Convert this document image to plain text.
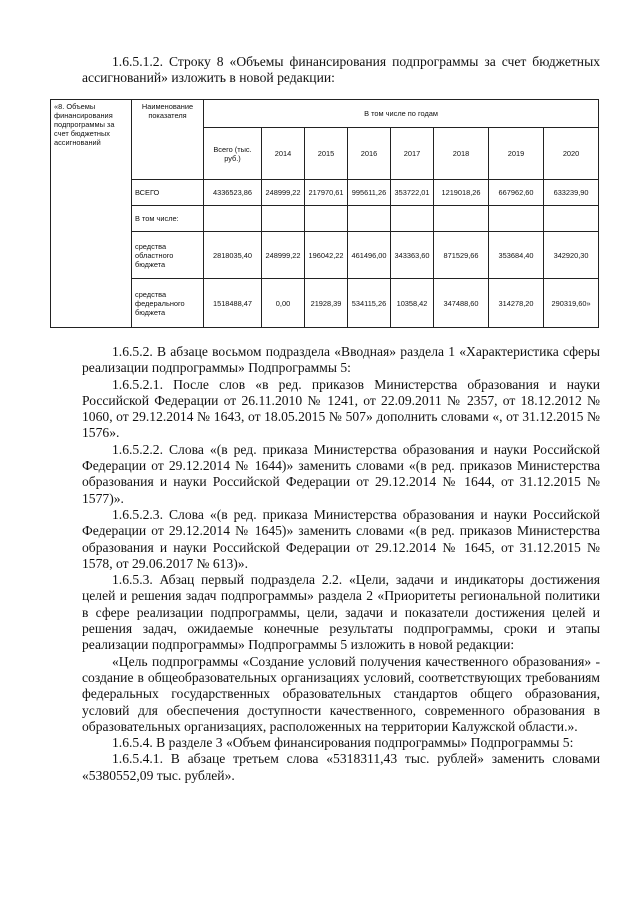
1.6.5.1.2. Строку 8 «Объемы финансирования подпрограммы за счет бюджетных ассигнований» изложить в новой редакции:
«8. Объемы финансирования подпрограммы за счет бюджетных ассигнований	Наименование показателя	В том числе по годам							
		Всего (тыс. руб.)	2014	2015	2016	2017	2018	2019	2020
	ВСЕГО	4336523,86	248999,22	217970,61	995611,26	353722,01	1219018,26	667962,60	633239,90
	В том числе:								
	средства областного бюджета	2818035,40	248999,22	196042,22	461496,00	343363,60	871529,66	353684,40	342920,30
	средства федерального бюджета	1518488,47	0,00	21928,39	534115,26	10358,42	347488,60	314278,20	290319,60»
1.6.5.2. В абзаце восьмом подраздела «Вводная» раздела 1 «Характеристика сферы реализации подпрограммы» Подпрограммы 5:
1.6.5.2.1. После слов «в ред. приказов Министерства образования и науки Российской Федерации от 26.11.2010 № 1241, от 22.09.2011 № 2357, от 18.12.2012 № 1060, от 29.12.2014 № 1643, от 18.05.2015 № 507» дополнить словами «, от 31.12.2015 № 1576».
1.6.5.2.2. Слова «(в ред. приказа Министерства образования и науки Российской Федерации от 29.12.2014 № 1644)» заменить словами «(в ред. приказов Министерства образования и науки Российской Федерации от 29.12.2014 № 1644, от 31.12.2015 № 1577)».
1.6.5.2.3. Слова «(в ред. приказа Министерства образования и науки Российской Федерации от 29.12.2014 № 1645)» заменить словами «(в ред. приказов Министерства образования и науки Российской Федерации от 29.12.2014 № 1645, от 31.12.2015 № 1578, от 29.06.2017 № 613)».
1.6.5.3. Абзац первый подраздела 2.2. «Цели, задачи и индикаторы достижения целей и решения задач подпрограммы» раздела 2 «Приоритеты региональной политики в сфере реализации подпрограммы, цели, задачи и показатели достижения целей и решения задач, ожидаемые конечные результаты подпрограммы, сроки и этапы реализации подпрограммы» Подпрограммы 5 изложить в новой редакции:
«Цель подпрограммы «Создание условий получения качественного образования» - создание в общеобразовательных организациях условий, соответствующих требованиям федеральных государственных образовательных стандартов общего образования, условий для обеспечения доступности качественного, современного образования в образовательных организациях, расположенных на территории Калужской области.».
1.6.5.4. В разделе 3 «Объем финансирования подпрограммы» Подпрограммы 5:
1.6.5.4.1. В абзаце третьем слова «5318311,43 тыс. рублей» заменить словами «5380552,09 тыс. рублей».
